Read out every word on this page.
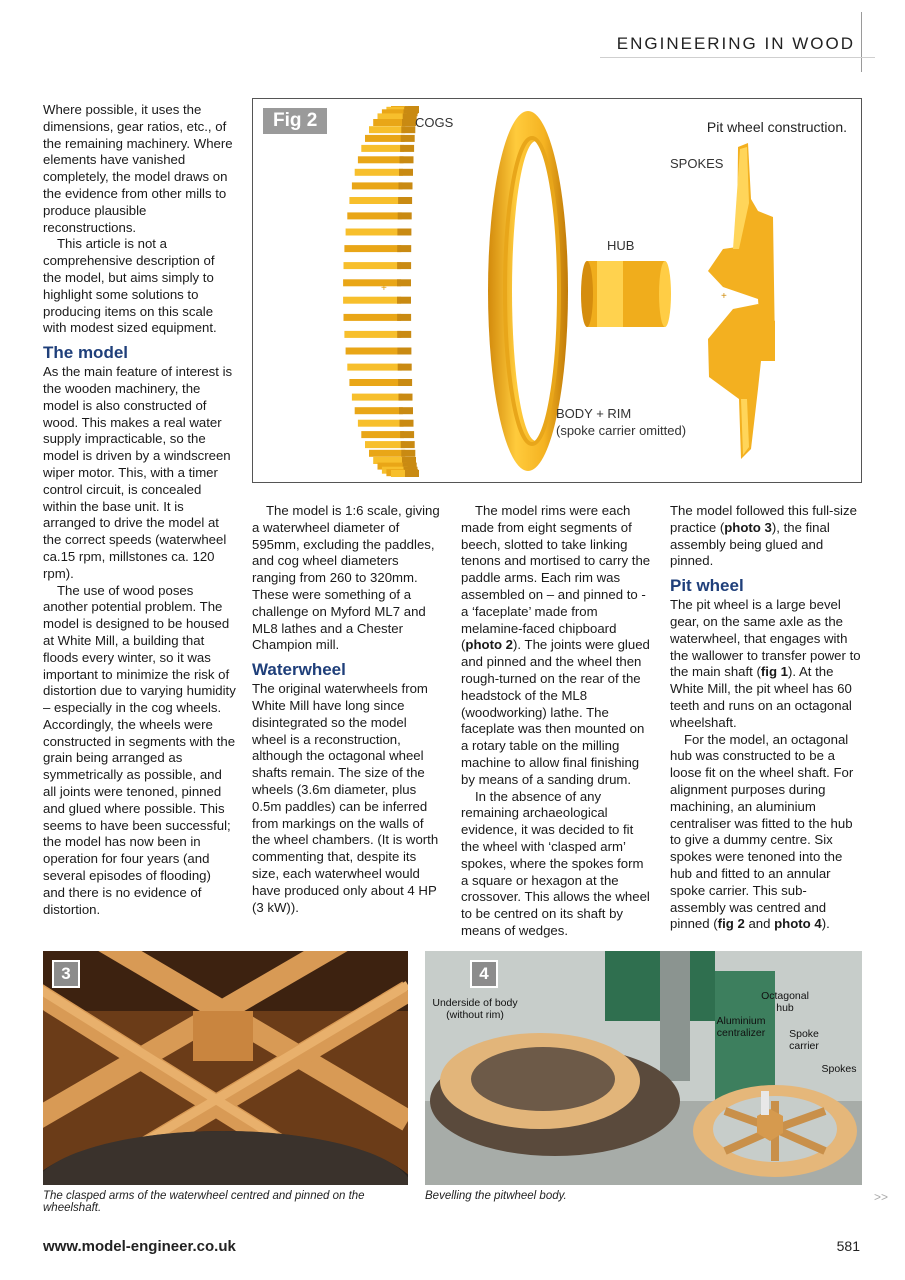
ENGINEERING IN WOOD

Where possible, it uses the dimensions, gear ratios, etc., of the remaining machinery. Where elements have vanished completely, the model draws on the evidence from other mills to produce plausible reconstructions.

This article is not a comprehensive description of the model, but aims simply to highlight some solutions to producing items on this scale with modest sized equipment.

The model

As the main feature of interest is the wooden machinery, the model is also constructed of wood. This makes a real water supply impracticable, so the model is driven by a windscreen wiper motor. This, with a timer control circuit, is concealed within the base unit. It is arranged to drive the model at the correct speeds (waterwheel ca.15 rpm, millstones ca. 120 rpm).

The use of wood poses another potential problem. The model is designed to be housed at White Mill, a building that floods every winter, so it was important to minimize the risk of distortion due to varying humidity – especially in the cog wheels. Accordingly, the wheels were constructed in segments with the grain being arranged as symmetrically as possible, and all joints were tenoned, pinned and glued where possible. This seems to have been successful; the model has now been in operation for four years (and several episodes of flooding) and there is no evidence of distortion.

+
+
Fig 2	Pit wheel construction.
COGS
SPOKES
HUB
BODY + RIM
(spoke carrier omitted)

The model is 1:6 scale, giving a waterwheel diameter of 595mm, excluding the paddles, and cog wheel diameters ranging from 260 to 320mm. These were something of a challenge on Myford ML7 and ML8 lathes and a Chester Champion mill.

Waterwheel

The original waterwheels from White Mill have long since disintegrated so the model wheel is a reconstruction, although the octagonal wheel shafts remain. The size of the wheels (3.6m diameter, plus 0.5m paddles) can be inferred from markings on the walls of the wheel chambers. (It is worth commenting that, despite its size, each waterwheel would have produced only about 4 HP (3 kW)).

The model rims were each made from eight segments of beech, slotted to take linking tenons and mortised to carry the paddle arms. Each rim was assembled on – and pinned to - a ‘faceplate’ made from melamine-faced chipboard (photo 2). The joints were glued and pinned and the wheel then rough-turned on the rear of the headstock of the ML8 (woodworking) lathe. The faceplate was then mounted on a rotary table on the milling machine to allow final finishing by means of a sanding drum.

In the absence of any remaining archaeological evidence, it was decided to fit the wheel with ‘clasped arm’ spokes, where the spokes form a square or hexagon at the crossover. This allows the wheel to be centred on its shaft by means of wedges.

The model followed this full-size practice (photo 3), the final assembly being glued and pinned.

Pit wheel

The pit wheel is a large bevel gear, on the same axle as the waterwheel, that engages with the wallower to transfer power to the main shaft (fig 1). At the White Mill, the pit wheel has 60 teeth and runs on an octagonal wheelshaft.

For the model, an octagonal hub was constructed to be a loose fit on the wheel shaft. For alignment purposes during machining, an aluminium centraliser was fitted to the hub to give a dummy centre. Six spokes were tenoned into the hub and fitted to an annular spoke carrier. This sub-assembly was centred and pinned (fig 2 and photo 4).

3
The clasped arms of the waterwheel centred and pinned on the wheelshaft.
4
Underside of body
(without rim)
Octagonal
hub
Aluminium
centralizer	Spoke
carrier
Spokes
Bevelling the pitwheel body.	>>
www.model-engineer.co.uk	581
